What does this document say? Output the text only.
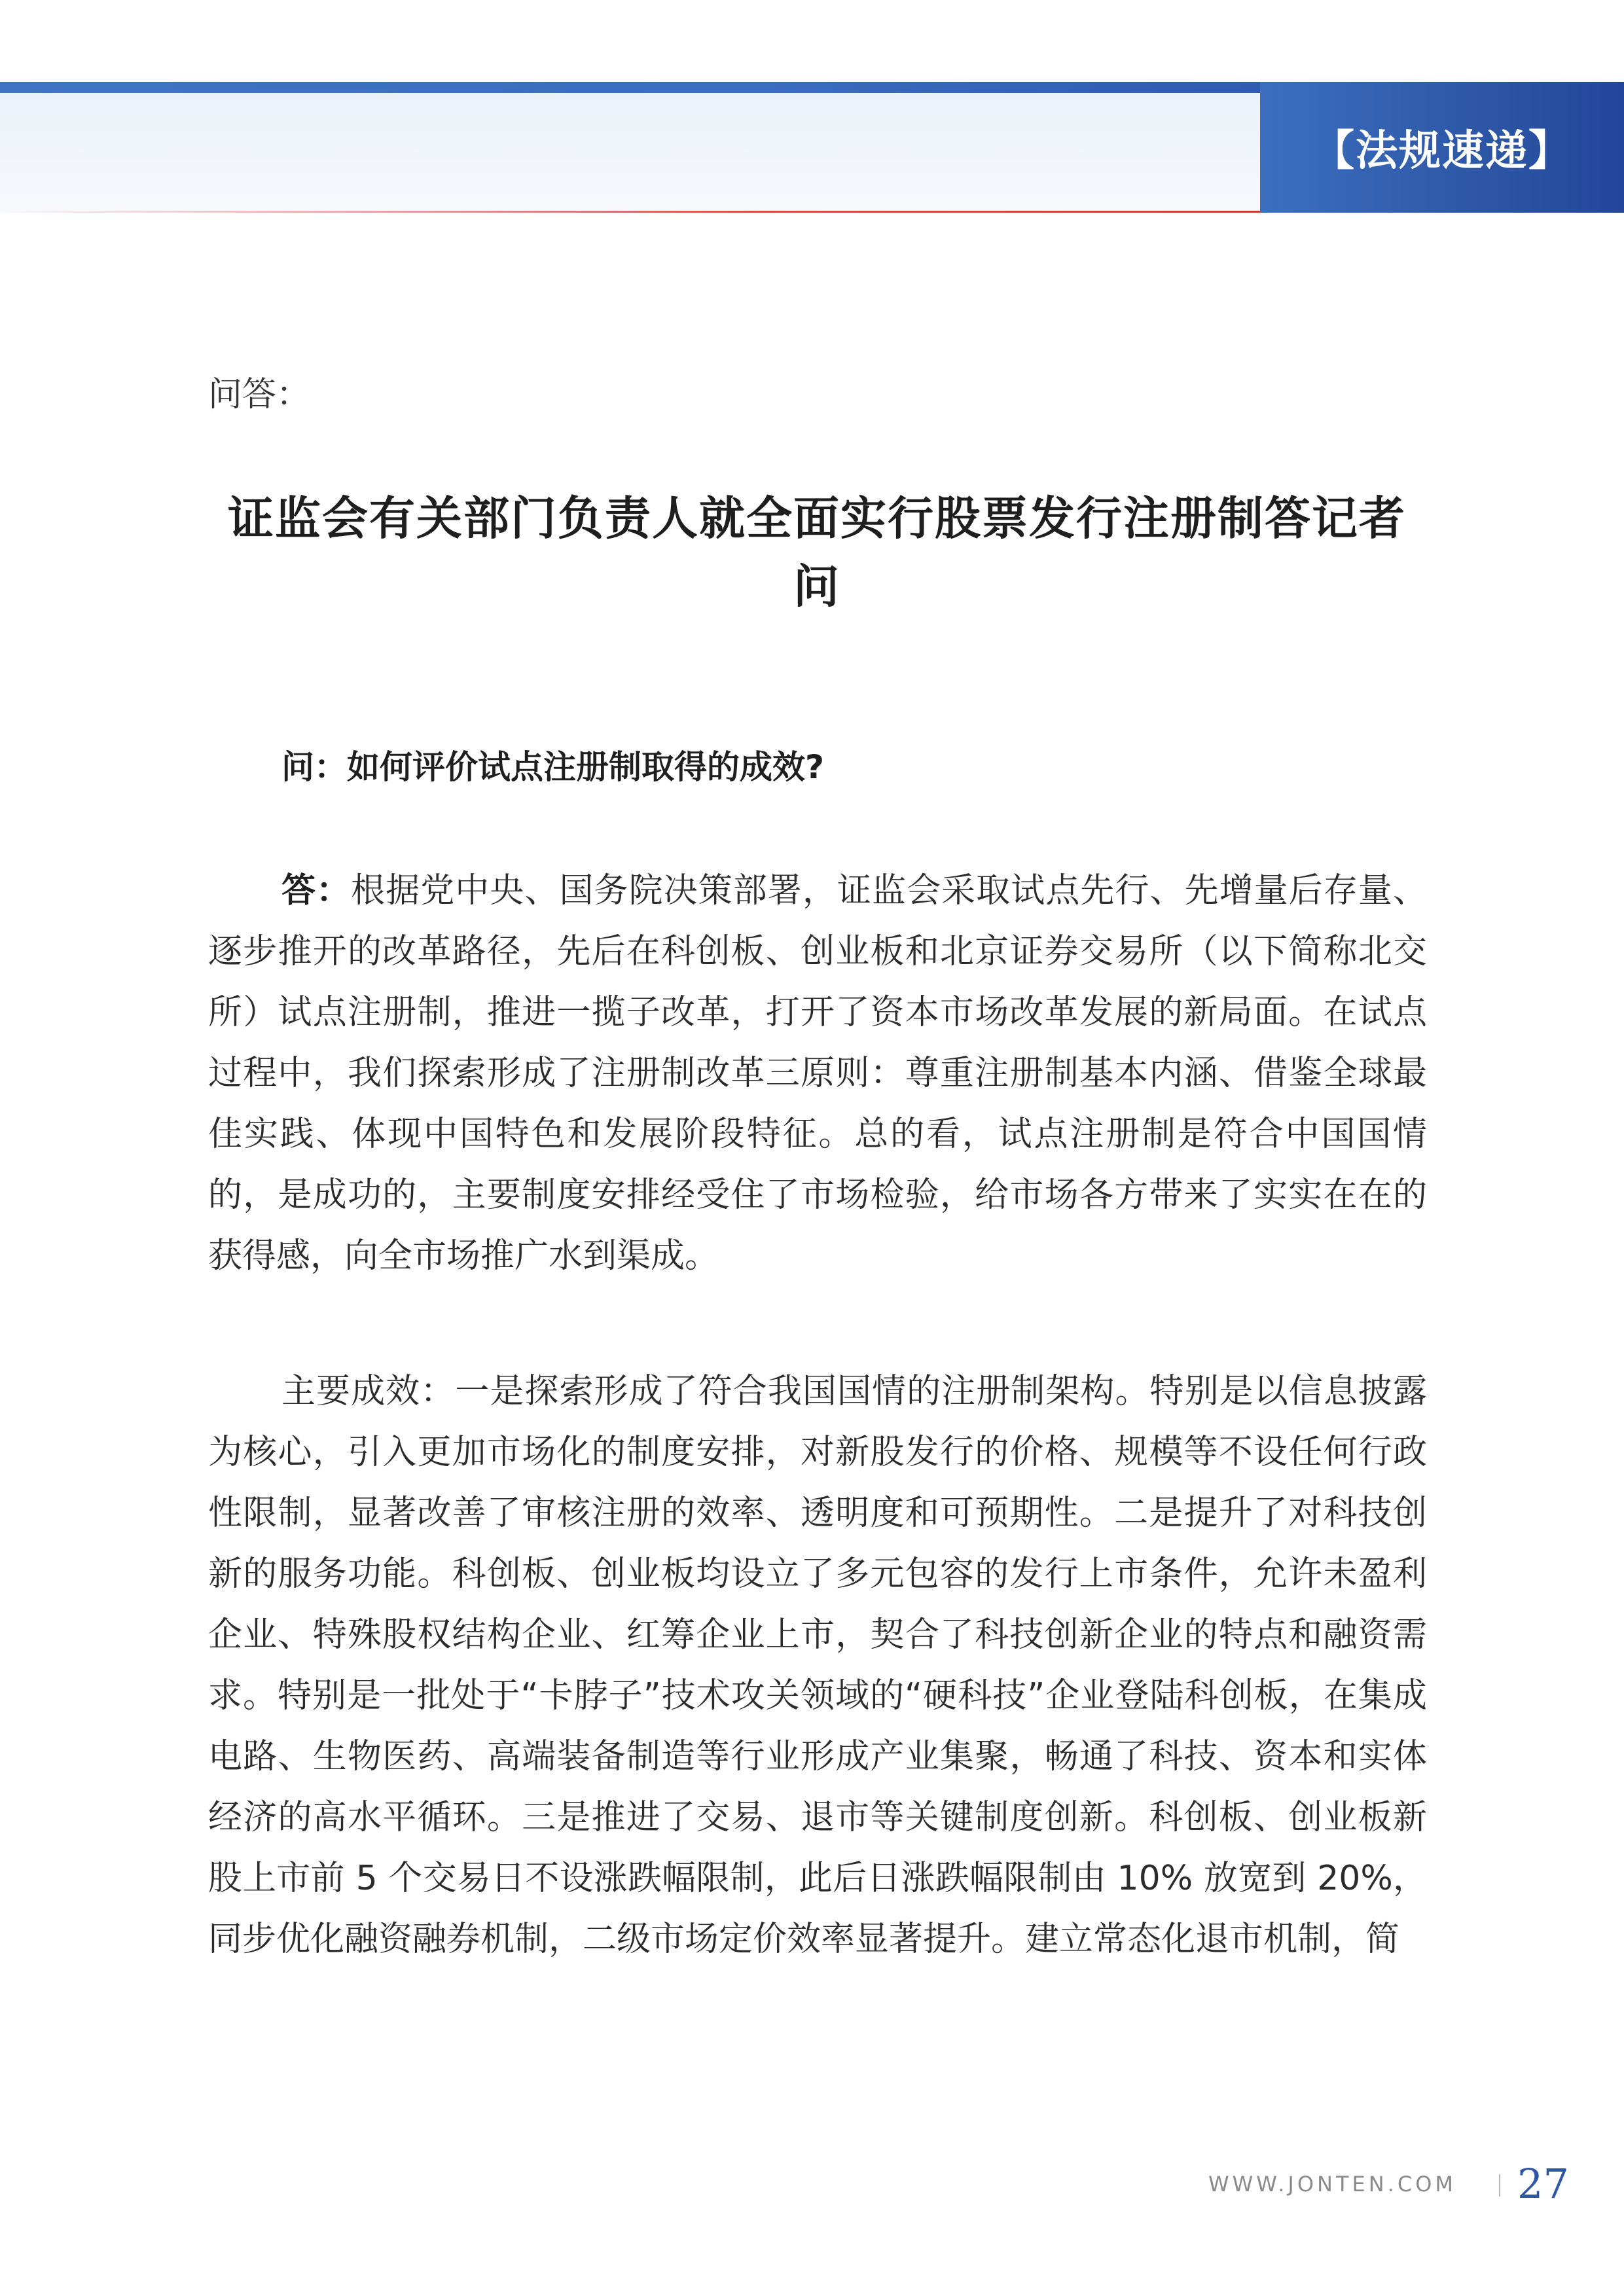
【法规速递】
问答：
证监会有关部门负责人就全面实行股票发行注册制答记者问
问：如何评价试点注册制取得的成效?

答：根据党中央、国务院决策部署，证监会采取试点先行、先增量后存量、逐步推开的改革路径，先后在科创板、创业板和北京证券交易所（以下简称北交所）试点注册制，推进一揽子改革，打开了资本市场改革发展的新局面。在试点过程中，我们探索形成了注册制改革三原则：尊重注册制基本内涵、借鉴全球最佳实践、体现中国特色和发展阶段特征。总的看，试点注册制是符合中国国情的，是成功的，主要制度安排经受住了市场检验，给市场各方带来了实实在在的获得感，向全市场推广水到渠成。

主要成效：一是探索形成了符合我国国情的注册制架构。特别是以信息披露为核心，引入更加市场化的制度安排，对新股发行的价格、规模等不设任何行政性限制，显著改善了审核注册的效率、透明度和可预期性。二是提升了对科技创新的服务功能。科创板、创业板均设立了多元包容的发行上市条件，允许未盈利企业、特殊股权结构企业、红筹企业上市，契合了科技创新企业的特点和融资需求。特别是一批处于“卡脖子”技术攻关领域的“硬科技”企业登陆科创板，在集成电路、生物医药、高端装备制造等行业形成产业集聚，畅通了科技、资本和实体经济的高水平循环。三是推进了交易、退市等关键制度创新。科创板、创业板新股上市前 5 个交易日不设涨跌幅限制，此后日涨跌幅限制由 10% 放宽到 20%，同步优化融资融券机制，二级市场定价效率显著提升。建立常态化退市机制，简

WWW.JONTEN.COM 27
